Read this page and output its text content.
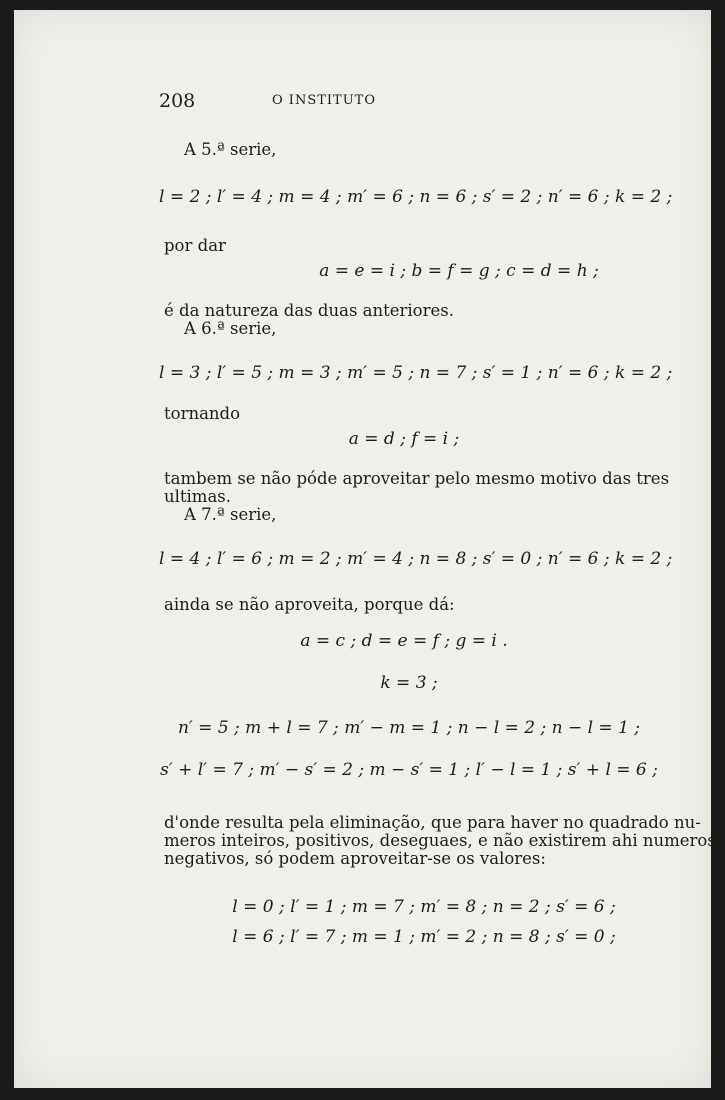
208	O INSTITUTO
A 5.ª serie,
l = 2 ; l′ = 4 ; m = 4 ; m′ = 6 ; n = 6 ; s′ = 2 ; n′ = 6 ; k = 2 ;
por dar
a = e = i ; b = f = g ; c = d = h ;
é da natureza das duas anteriores.
A 6.ª serie,
l = 3 ; l′ = 5 ; m = 3 ; m′ = 5 ; n = 7 ; s′ = 1 ; n′ = 6 ; k = 2 ;
tornando
a = d ; f = i ;
tambem se não póde aproveitar pelo mesmo motivo das tres
ultimas.
A 7.ª serie,
l = 4 ; l′ = 6 ; m = 2 ; m′ = 4 ; n = 8 ; s′ = 0 ; n′ = 6 ; k = 2 ;
ainda se não aproveita, porque dá:
a = c ; d = e = f ; g = i .
k = 3 ;
n′ = 5 ; m + l = 7 ; m′ − m = 1 ; n − l = 2 ; n − l = 1 ;
s′ + l′ = 7 ; m′ − s′ = 2 ; m − s′ = 1 ; l′ − l = 1 ; s′ + l = 6 ;
d'onde resulta pela eliminação, que para haver no quadrado nu-
meros inteiros, positivos, deseguaes, e não existirem ahi numeros
negativos, só podem aproveitar-se os valores:
l = 0 ; l′ = 1 ; m = 7 ; m′ = 8 ; n = 2 ; s′ = 6 ;
l = 6 ; l′ = 7 ; m = 1 ; m′ = 2 ; n = 8 ; s′ = 0 ;
